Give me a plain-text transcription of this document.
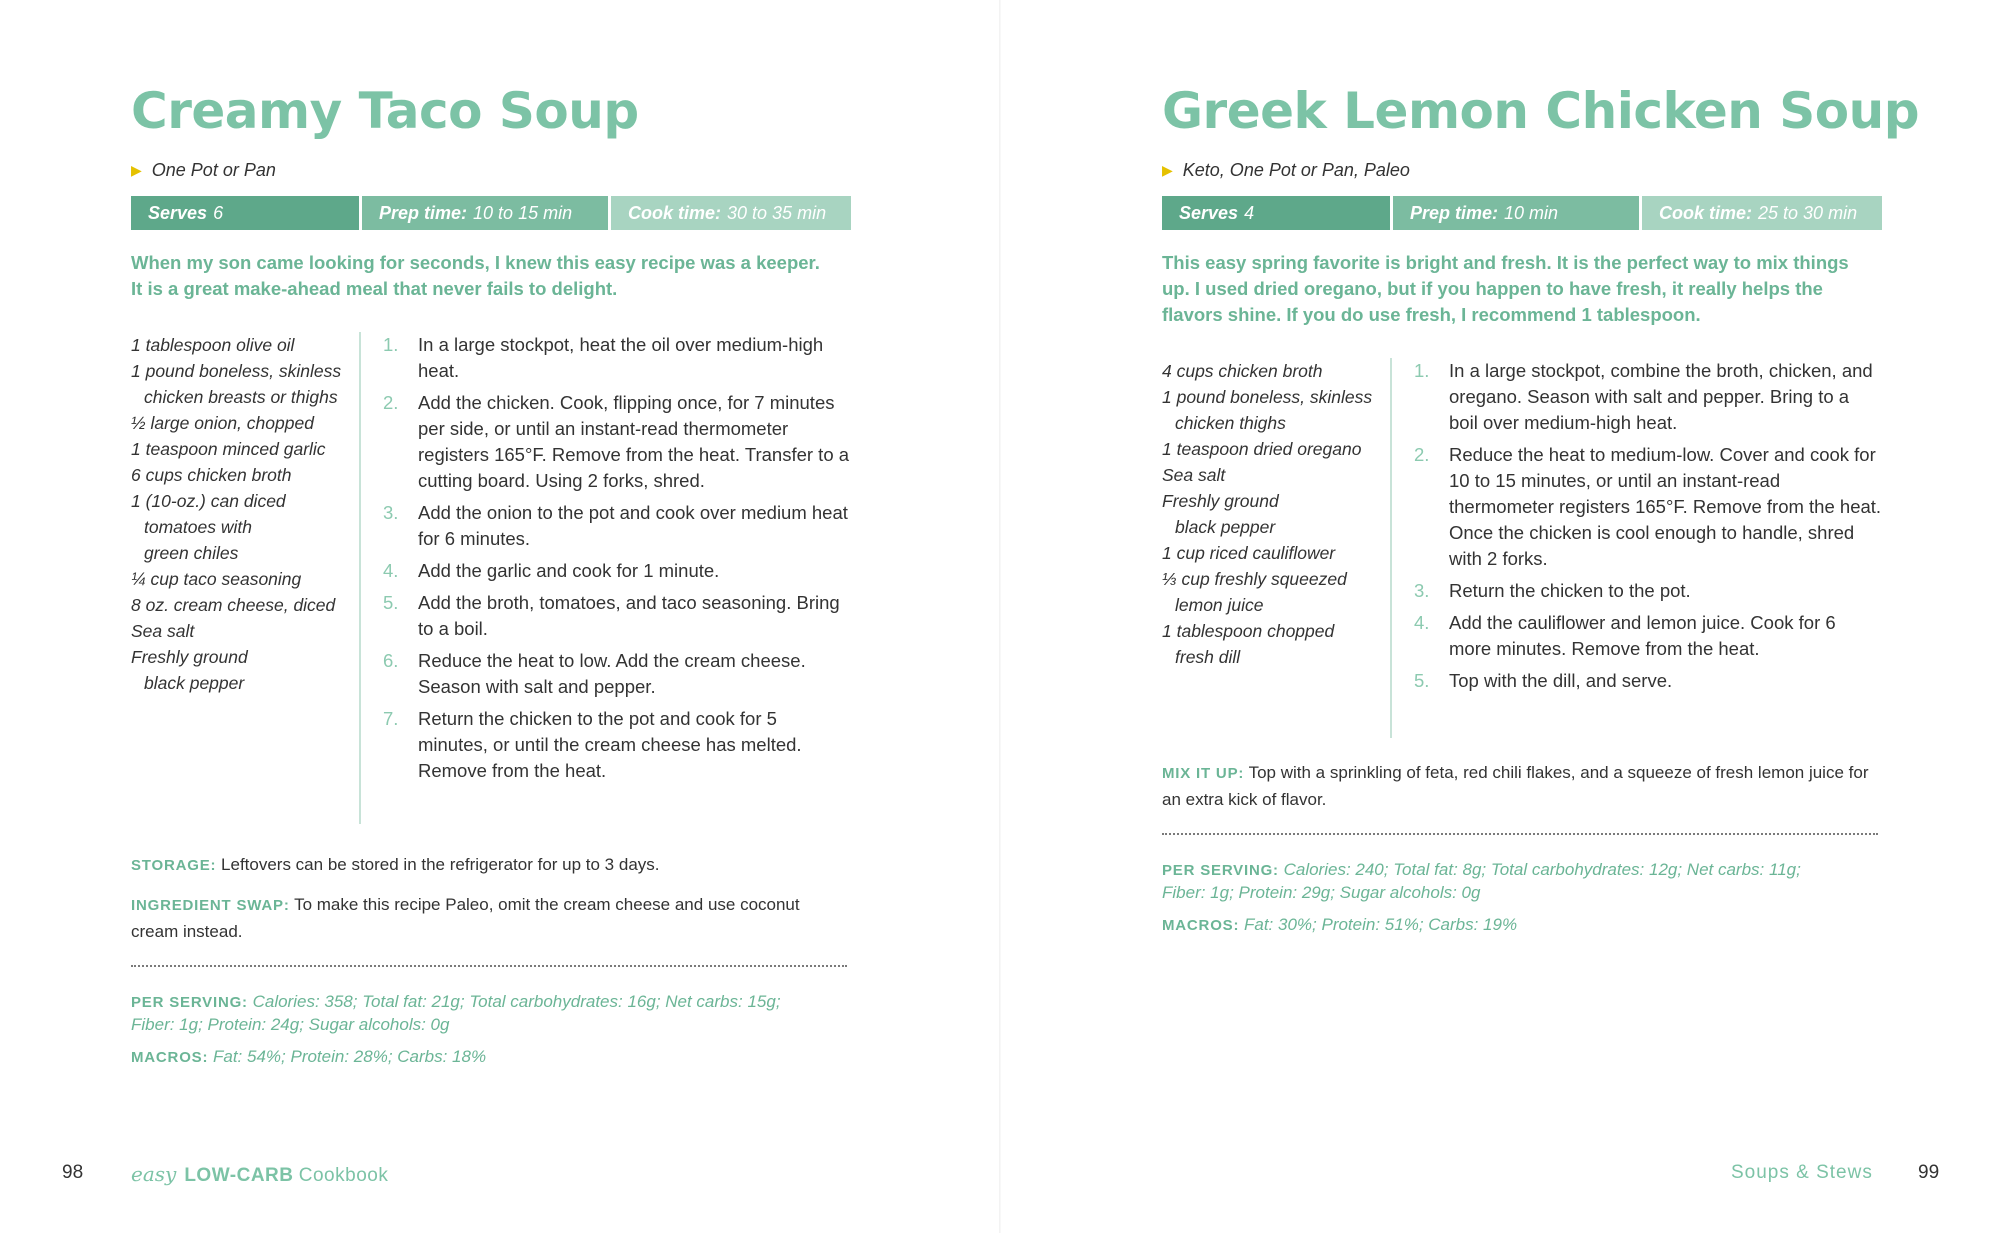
Creamy Taco Soup
▶ One Pot or Pan
Serves 6	Prep time: 10 to 15 min	Cook time: 30 to 35 min

When my son came looking for seconds, I knew this easy recipe was a keeper. It is a great make-ahead meal that never fails to delight.

1 tablespoon olive oil
1 pound boneless, skinless
chicken breasts or thighs
½ large onion, chopped
1 teaspoon minced garlic
6 cups chicken broth
1 (10-oz.) can diced
tomatoes with
green chiles
¼ cup taco seasoning
8 oz. cream cheese, diced
Sea salt
Freshly ground
black pepper
1.	In a large stockpot, heat the oil over medium-high heat.
2.	Add the chicken. Cook, flipping once, for 7 minutes per side, or until an instant-read thermometer registers 165°F. Remove from the heat. Transfer to a cutting board. Using 2 forks, shred.
3.	Add the onion to the pot and cook over medium heat for 6 minutes.
4.	Add the garlic and cook for 1 minute.
5.	Add the broth, tomatoes, and taco seasoning. Bring to a boil.
6.	Reduce the heat to low. Add the cream cheese. Season with salt and pepper.
7.	Return the chicken to the pot and cook for 5 minutes, or until the cream cheese has melted. Remove from the heat.
STORAGE: Leftovers can be stored in the refrigerator for up to 3 days.
INGREDIENT SWAP: To make this recipe Paleo, omit the cream cheese and use coconut cream instead.
PER SERVING: Calories: 358; Total fat: 21g; Total carbohydrates: 16g; Net carbs: 15g; Fiber: 1g; Protein: 24g; Sugar alcohols: 0g
MACROS: Fat: 54%; Protein: 28%; Carbs: 18%
98 easy LOW-CARB Cookbook
Greek Lemon Chicken Soup
▶ Keto, One Pot or Pan, Paleo
Serves 4	Prep time: 10 min	Cook time: 25 to 30 min

This easy spring favorite is bright and fresh. It is the perfect way to mix things up. I used dried oregano, but if you happen to have fresh, it really helps the flavors shine. If you do use fresh, I recommend 1 tablespoon.

4 cups chicken broth
1 pound boneless, skinless
chicken thighs
1 teaspoon dried oregano
Sea salt
Freshly ground
black pepper
1 cup riced cauliflower
⅓ cup freshly squeezed
lemon juice
1 tablespoon chopped
fresh dill
1.	In a large stockpot, combine the broth, chicken, and oregano. Season with salt and pepper. Bring to a boil over medium-high heat.
2.	Reduce the heat to medium-low. Cover and cook for 10 to 15 minutes, or until an instant-read thermometer registers 165°F. Remove from the heat. Once the chicken is cool enough to handle, shred with 2 forks.
3.	Return the chicken to the pot.
4.	Add the cauliflower and lemon juice. Cook for 6 more minutes. Remove from the heat.
5.	Top with the dill, and serve.
MIX IT UP: Top with a sprinkling of feta, red chili flakes, and a squeeze of fresh lemon juice for an extra kick of flavor.
PER SERVING: Calories: 240; Total fat: 8g; Total carbohydrates: 12g; Net carbs: 11g; Fiber: 1g; Protein: 29g; Sugar alcohols: 0g
MACROS: Fat: 30%; Protein: 51%; Carbs: 19%
Soups & Stews 99
